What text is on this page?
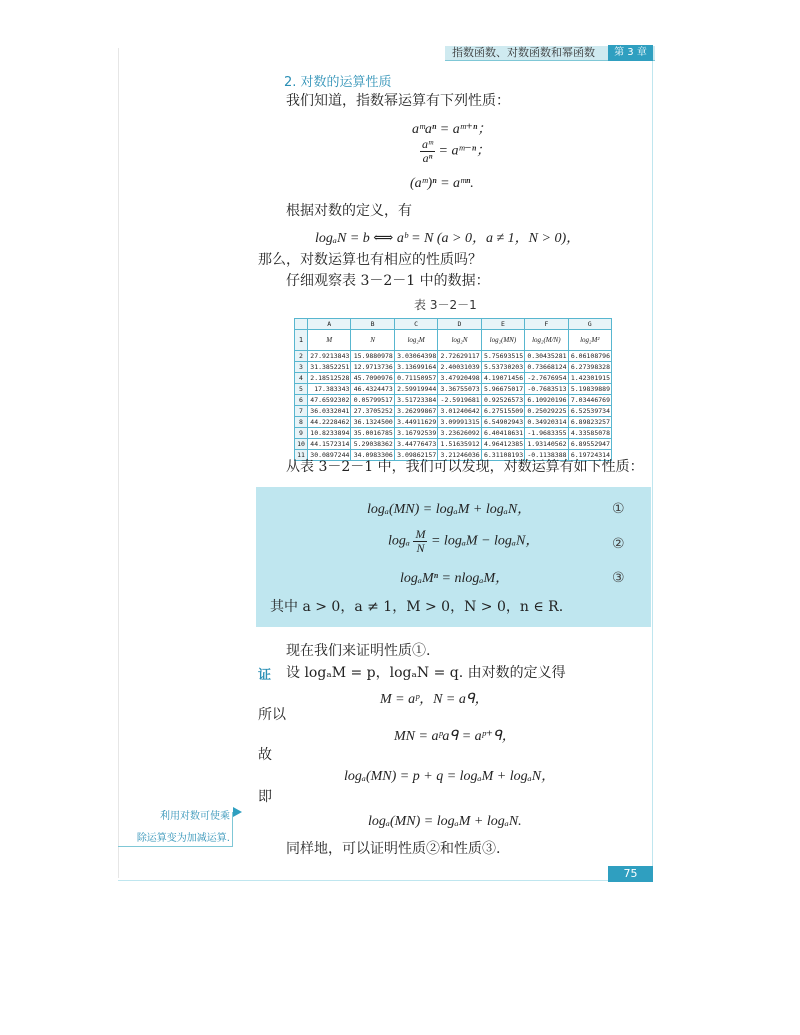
指数函数、对数函数和幂函数	第 3 章
2. 对数的运算性质
我们知道，指数幂运算有下列性质：
aᵐaⁿ = aᵐ⁺ⁿ；
$\frac{\text{aᵐ}}{\text{aⁿ}}$ = aᵐ⁻ⁿ；
(aᵐ)ⁿ = aᵐⁿ.
根据对数的定义，有
logₐN = b ⟺ aᵇ = N (a > 0，a ≠ 1，N > 0)，
那么，对数运算也有相应的性质吗？
仔细观察表 3－2－1 中的数据：
表 3－2－1
	A	B	C	D	E	F	G
1	M	N	log₂M	log₂N	log₂(MN)	log₂(M/N)	log₂M²
2	27.9213843	15.9880978	3.03064398	2.72629117	5.75693515	0.30435281	6.06108796
3	31.3852251	12.9713736	3.13699164	2.40031039	5.53730203	0.73668124	6.27398328
4	2.18512528	45.7090976	0.71150957	3.47920498	4.19071456	-2.7676954	1.42301915
5	17.383343	46.4324473	2.59919944	3.36755073	5.96675017	-0.7683513	5.19839889
6	47.6592302	0.05799517	3.51723384	-2.5919681	0.92526573	6.10920196	7.03446769
7	36.0332041	27.3705252	3.26299867	3.01240642	6.27515509	0.25029225	6.52539734
8	44.2228462	36.1324500	3.44911629	3.09991315	6.54902943	0.34920314	6.89823257
9	10.8233894	35.0016785	3.16792539	3.23626092	6.40418631	-1.9683355	4.33585078
10	44.1572314	5.29038362	3.44776473	1.51635912	4.96412385	1.93140562	6.89552947
11	30.0897244	34.0983306	3.09862157	3.21246036	6.31108193	-0.1138388	6.19724314
从表 3－2－1 中，我们可以发现，对数运算有如下性质：
logₐ(MN) = logₐM + logₐN，	①
logₐ $\frac{M}{N} = \log_aM - \log_aN$，	②
logₐMⁿ = nlogₐM，	③
其中 a > 0，a ≠ 1，M > 0，N > 0，n ∈ R.
现在我们来证明性质①.
证 设 logₐM = p，logₐN = q. 由对数的定义得
M = aᵖ，N = aᑫ，
所以
MN = aᵖaᑫ = aᵖ⁺ᑫ，
故
logₐ(MN) = p + q = logₐM + logₐN，
即
logₐ(MN) = logₐM + logₐN.
同样地，可以证明性质②和性质③.
利用对数可使乘
除运算变为加减运算.
75
